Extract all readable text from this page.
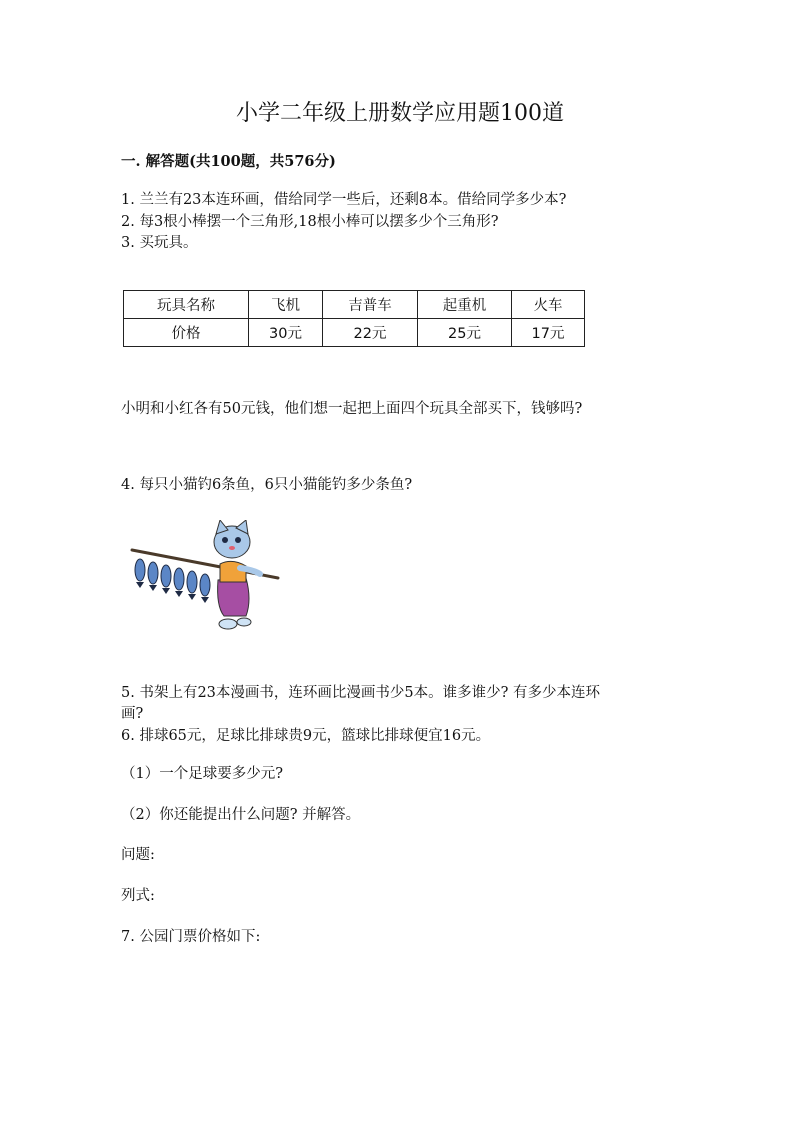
小学二年级上册数学应用题100道
一. 解答题(共100题，共576分)
1. 兰兰有23本连环画，借给同学一些后，还剩8本。借给同学多少本?
2. 每3根小棒摆一个三角形,18根小棒可以摆多少个三角形?
3. 买玩具。
玩具名称	飞机	吉普车	起重机	火车
价格	30元	22元	25元	17元
小明和小红各有50元钱，他们想一起把上面四个玩具全部买下，钱够吗?
4. 每只小猫钓6条鱼，6只小猫能钓多少条鱼?
5. 书架上有23本漫画书，连环画比漫画书少5本。谁多谁少? 有多少本连环
画?
6. 排球65元，足球比排球贵9元，篮球比排球便宜16元。
（1）一个足球要多少元?
（2）你还能提出什么问题? 并解答。
问题:
列式:
7. 公园门票价格如下:
